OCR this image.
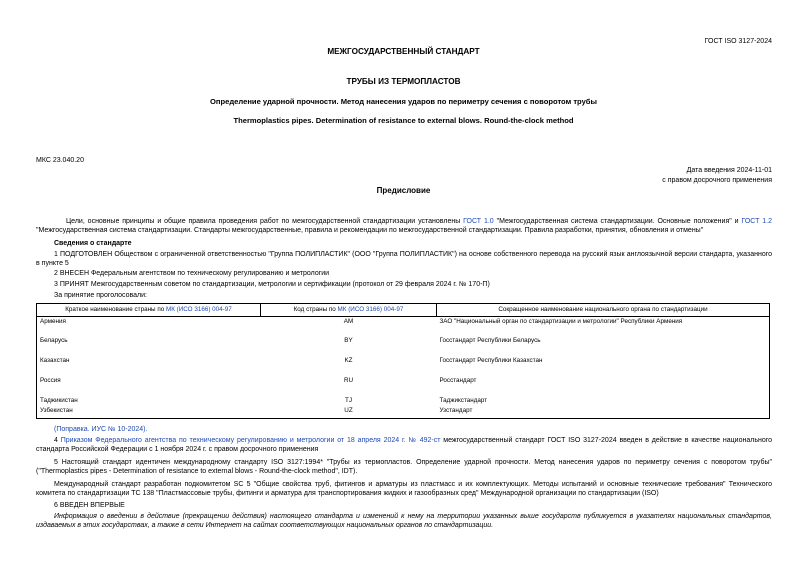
ГОСТ ISO 3127-2024
МЕЖГОСУДАРСТВЕННЫЙ СТАНДАРТ
ТРУБЫ ИЗ ТЕРМОПЛАСТОВ
Определение ударной прочности. Метод нанесения ударов по периметру сечения с поворотом трубы
Thermoplastics pipes. Determination of resistance to external blows. Round-the-clock method
МКС 23.040.20
Дата введения 2024-11-01
с правом досрочного применения
Предисловие
Цели, основные принципы и общие правила проведения работ по межгосударственной стандартизации установлены ГОСТ 1.0 "Межгосударственная система стандартизации. Основные положения" и ГОСТ 1.2 "Межгосударственная система стандартизации. Стандарты межгосударственные, правила и рекомендации по межгосударственной стандартизации. Правила разработки, принятия, обновления и отмены"
Сведения о стандарте
1 ПОДГОТОВЛЕН Обществом с ограниченной ответственностью "Группа ПОЛИПЛАСТИК" (ООО "Группа ПОЛИПЛАСТИК") на основе собственного перевода на русский язык англоязычной версии стандарта, указанного в пункте 5
2 ВНЕСЕН Федеральным агентством по техническому регулированию и метрологии
3 ПРИНЯТ Межгосударственным советом по стандартизации, метрологии и сертификации (протокол от 29 февраля 2024 г. № 170-П)
За принятие проголосовали:
Краткое наименование страны по МК (ИСО 3166) 004-97	Код страны по МК (ИСО 3166) 004-97	Сокращенное наименование национального органа по стандартизации
Армения	AM	ЗАО "Национальный орган по стандартизации и метрологии" Республики Армения
Беларусь	BY	Госстандарт Республики Беларусь
Казахстан	KZ	Госстандарт Республики Казахстан
Россия	RU	Росстандарт
Таджикистан	TJ	Таджикстандарт
Узбекистан	UZ	Узстандарт
(Поправка. ИУС № 10-2024).
4 Приказом Федерального агентства по техническому регулированию и метрологии от 18 апреля 2024 г. № 492-ст межгосударственный стандарт ГОСТ ISO 3127-2024 введен в действие в качестве национального стандарта Российской Федерации с 1 ноября 2024 г. с правом досрочного применения
5 Настоящий стандарт идентичен международному стандарту ISO 3127:1994* "Трубы из термопластов. Определение ударной прочности. Метод нанесения ударов по периметру сечения с поворотом трубы" ("Thermoplastics pipes - Determination of resistance to external blows - Round-the-clock method", IDT).
Международный стандарт разработан подкомитетом SC 5 "Общие свойства труб, фитингов и арматуры из пластмасс и их комплектующих. Методы испытаний и основные технические требования" Технического комитета по стандартизации ТС 138 "Пластмассовые трубы, фитинги и арматура для транспортирования жидких и газообразных сред" Международной организации по стандартизации (ISO)
6 ВВЕДЕН ВПЕРВЫЕ
Информация о введении в действие (прекращении действия) настоящего стандарта и изменений к нему на территории указанных выше государств публикуется в указателях национальных стандартов, издаваемых в этих государствах, а также в сети Интернет на сайтах соответствующих национальных органов по стандартизации.
